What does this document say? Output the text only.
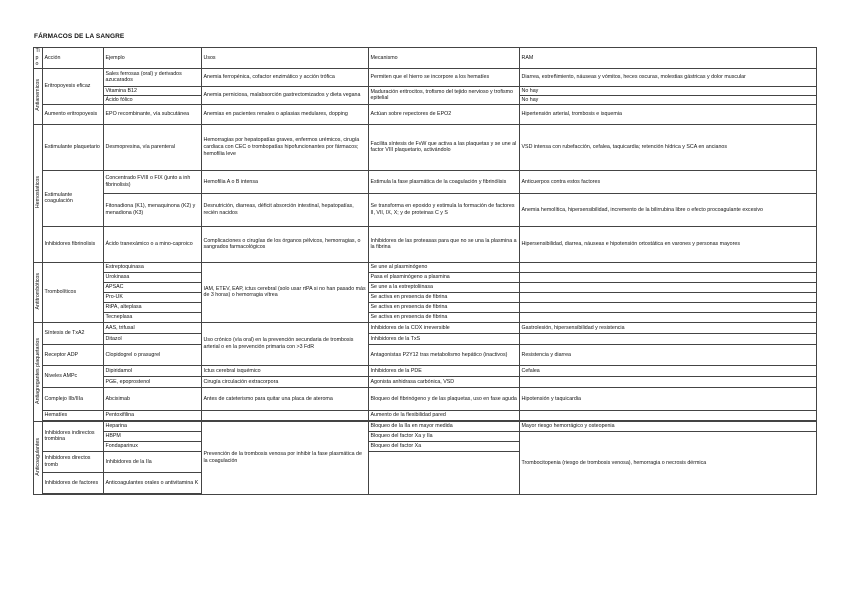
FÁRMACOS DE LA SANGRE
Tipo	Acción	Ejemplo	Usos	Mecanismo	RAM
Antianemicos	Eritropoyesis eficaz	Sales ferrosas (oral) y derivados azucarados	Anemia ferropénica, cofactor enzimático y acción trófica	Permiten que el hierro se incorpore a los hematíes	Diarrea, estreñimiento, náuseas y vómitos, heces oscuras, molestias gástricas y dolor muscular
		Vitamina B12	Anemia perniciosa, malabsorción gastrectomizados y dieta vegana	Maduración eritrocitos, trofismo del tejido nervioso y trofismo epitelial	No hay
		Ácido fólico			No hay
	Aumento eritropoyesis	EPO recombinante, vía subcutánea	Anemias en pacientes renales o aplasias medulares, dopping	Actúan sobre repectores de EPO2	Hipertensión arterial, trombosis e isquemia
Hemostaticos	Estimulante plaquetario	Desmopresina, vía parenteral	Hemorragias por hepatopatías graves, enfermos urémicos, cirugía cardiaca con CEC o trombopatías hipofuncionantes por fármacos; hemofilia leve	Facilita síntesis de FvW que activa a las plaquetas y se une al factor VIII plaquetario, activándolo	VSD intensa con rubefacción, cefalea, taquicardia; retención hídrica y SCA en ancianos
	Estimulante coagulación	Concentrado FVIII o FIX (junto a inh fibrinolisis)	Hemofilia A o B intensa	Estimula la fase plasmática de la coagulación y fibrinólisis	Anticuerpos contra estos factores
		Fitonadiona (K1), menaquinona (K2) y menadiona (K3)	Desnutrición, diarreas, déficit absorción intestinal, hepatopatías, recién nacidos	Se transforma en epoxido y estimula la formación de factores II, VII, IX, X; y de proteinas C y S	Anemia hemolítica, hipersensibilidad, incremento de la bilirrubina libre o efecto procoagulante excesivo
	Inhibidores fibrinolisis	Ácido tranexámico o a mino-caproico	Complicaciones o cirugías de los órganos pélvicos, hemorragias, o sangrados farmacológicos	Inhibidores de las proteasas para que no se una la plasmina a la fibrina	Hipersensibilidad, diarrea, náuseas e hipotensión ortostática en varones y personas mayores
Antitrombóticos	Trombolíticos	Estreptoquinasa	IAM, ETEV, EAP, ictus cerebral (solo usar rtPA si no han pasado más de 3 horas) o hemorragia vítrea	Se une al plasminógeno	
		Urokinasa		Pasa el plasminógeno a plasmina	
		APSAC		Se une a la estreptoliinasa	
		Pro-UK		Se activa en presencia de fibrina	
		RtPA, alteplasa		Se activa en presencia de fibrina	
		Tecneplasa		Se activa en presencia de fibrina	
Antiagregantes plaquetarios	Síntesis de TxA2	AAS, trifusal	Uso crónico (vía oral) en la prevención secundaria de trombosis arterial o en la prevención primaria con >3 FdR	Inhibidores de la COX irreversible	Gastrolesión, hipersensibilidad y resistencia
		Ditazol		Inhibidores de la TxS	
	Receptor ADP	Clopidogrel o prasugrel		Antagonistas P2Y12 tras metabolismo hepático (inactivos)	Resistencia y diarrea
	Niveles AMPc	Dipiridamol	Ictus cerebral isquémico	Inhibidores de la PDE	Cefalea
		PGE, epoprostenol	Cirugía circulación extracorpora	Agonista anhidrasa carbónica, VSD	
	Complejo IIb/IIIa	Abciximab	Antes de cateterismo para quitar una placa de ateroma	Bloqueo del fibrinógeno y de las plaquetas, uso en fase aguda	Hipotensión y taquicardia
	Hematíes	Pentoxifilina		Aumento de la flexibilidad pared	

Anticoagulantes	Inhibidores indirectos trombina	Heparina	Prevención de la trombosis venosa por inhibir la fase plasmática de la coagulación	Bloqueo de la IIa en mayor medida	Mayor riesgo hemorrágico y osteopenia
		HBPM		Bloqueo del factor Xa y IIa	Trombocitopenia (riesgo de trombosis venosa), hemorragia o necrosis dérmica
		Fondaparinux		Bloqueo del factor Xa	
	Inhibidores directos tromb	Inhibidores de la IIa			
	Inhibidores de factores	Anticoagulantes orales o antivitamina K			
